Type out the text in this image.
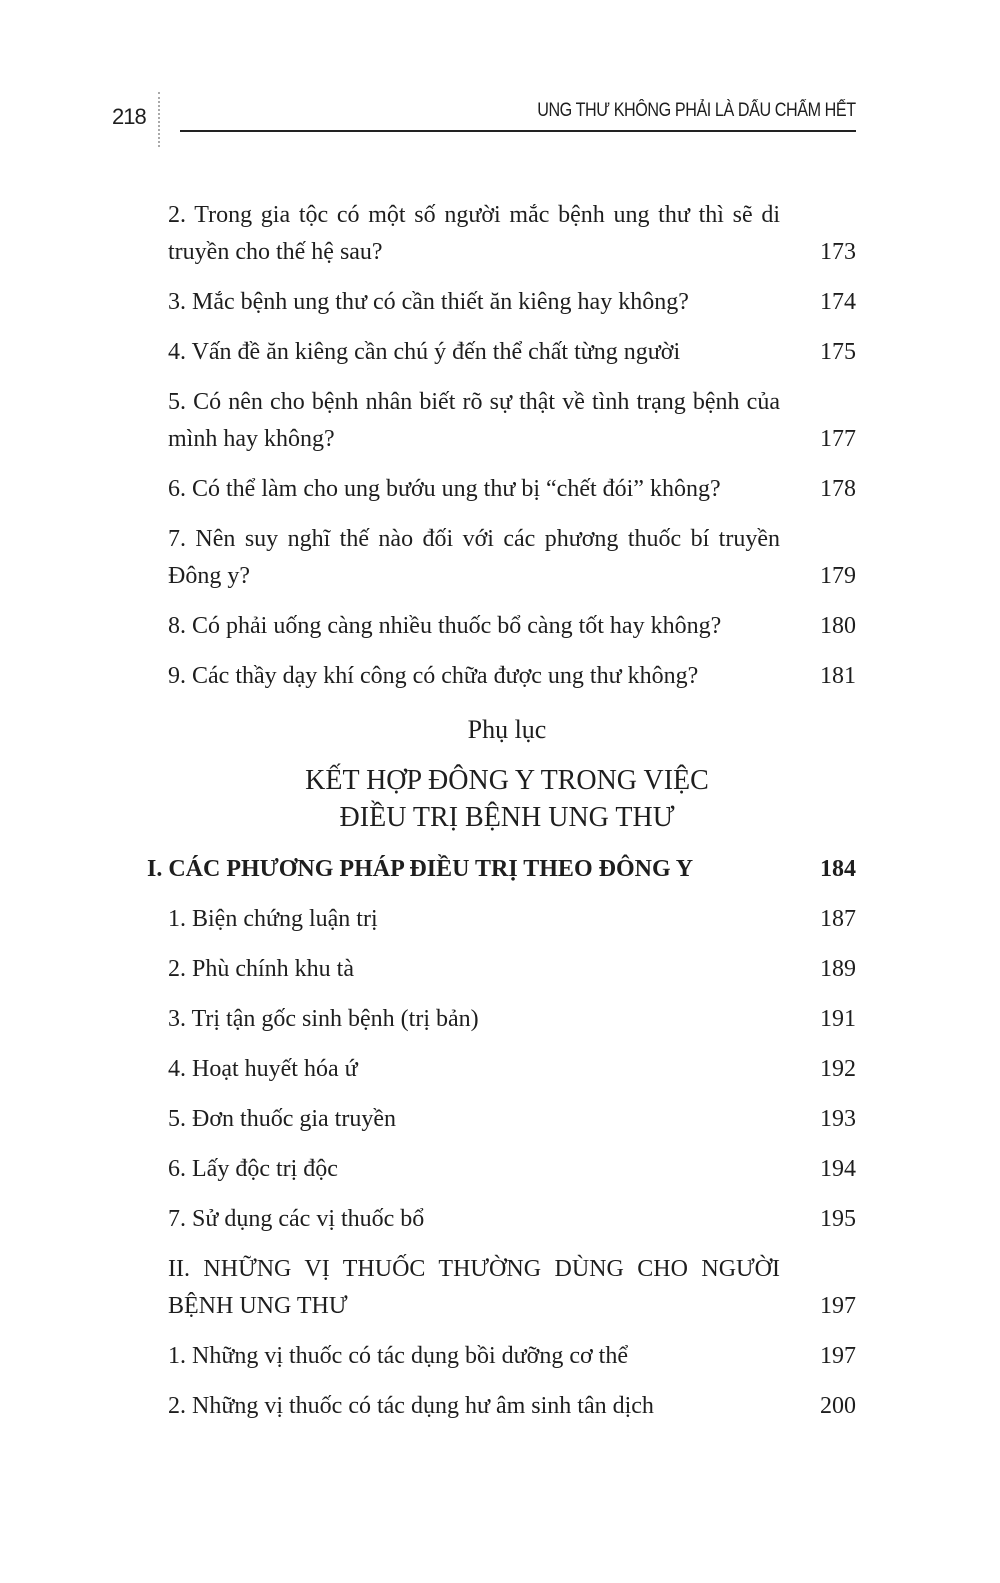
218	UNG THƯ KHÔNG PHẢI LÀ DẤU CHẤM HẾT
2. Trong gia tộc có một số người mắc bệnh ung thư thì sẽ di truyền cho thế hệ sau?	173
3. Mắc bệnh ung thư có cần thiết ăn kiêng hay không?	174
4. Vấn đề ăn kiêng cần chú ý đến thể chất từng người	175
5. Có nên cho bệnh nhân biết rõ sự thật về tình trạng bệnh của mình hay không?	177
6. Có thể làm cho ung bướu ung thư bị “chết đói” không?	178
7. Nên suy nghĩ thế nào đối với các phương thuốc bí truyền Đông y?	179
8. Có phải uống càng nhiều thuốc bổ càng tốt hay không?	180
9. Các thầy dạy khí công có chữa được ung thư không?	181
Phụ lục
KẾT HỢP ĐÔNG Y TRONG VIỆC
ĐIỀU TRỊ BỆNH UNG THƯ
I. CÁC PHƯƠNG PHÁP ĐIỀU TRỊ THEO ĐÔNG Y	184
1. Biện chứng luận trị	187
2. Phù chính khu tà	189
3. Trị tận gốc sinh bệnh (trị bản)	191
4. Hoạt huyết hóa ứ	192
5. Đơn thuốc gia truyền	193
6. Lấy độc trị độc	194
7. Sử dụng các vị thuốc bổ	195
II. NHỮNG VỊ THUỐC THƯỜNG DÙNG CHO NGƯỜI BỆNH UNG THƯ	197
1. Những vị thuốc có tác dụng bồi dưỡng cơ thể	197
2. Những vị thuốc có tác dụng hư âm sinh tân dịch	200
